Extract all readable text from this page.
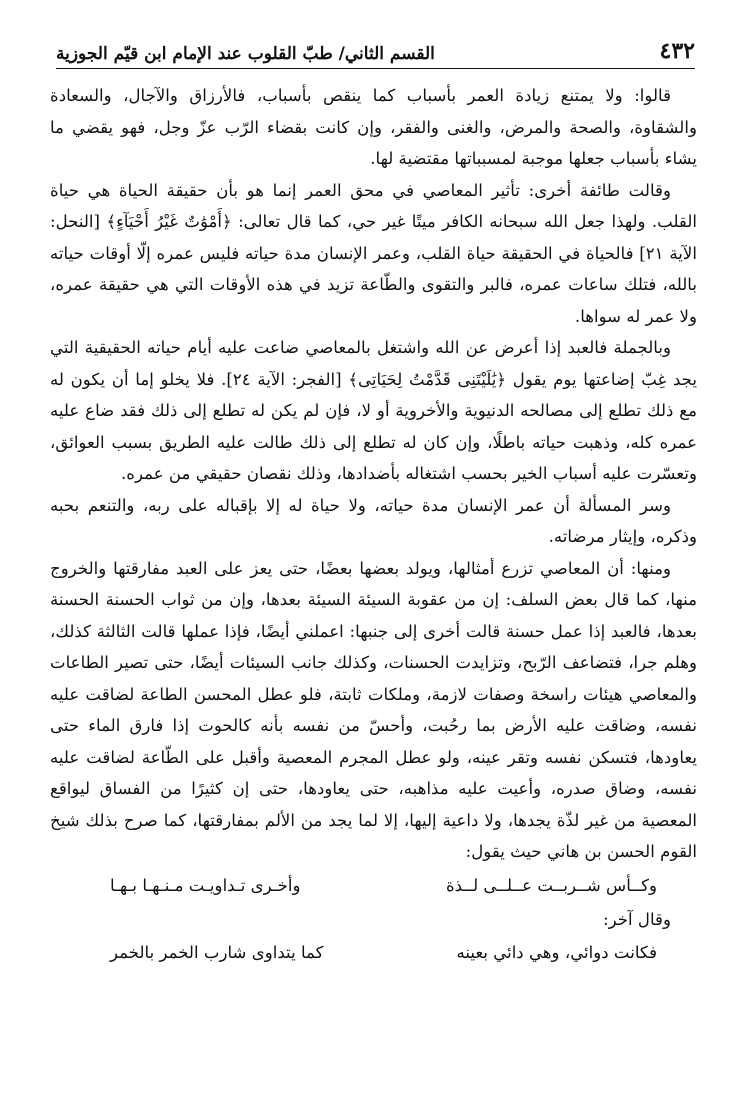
٤٣٢
القسم الثاني/ طبّ القلوب عند الإمام ابن قيّم الجوزية

قالوا: ولا يمتنع زيادة العمر بأسباب كما ينقص بأسباب، فالأرزاق والآجال، والسعادة والشقاوة، والصحة والمرض، والغنى والفقر، وإن كانت بقضاء الرّب عزّ وجل، فهو يقضي ما يشاء بأسباب جعلها موجبة لمسبباتها مقتضية لها.

وقالت طائفة أخرى: تأثير المعاصي في محق العمر إنما هو بأن حقيقة الحياة هي حياة القلب. ولهذا جعل الله سبحانه الكافر ميتًا غير حي، كما قال تعالى: ﴿أَمْوَٰتٌ غَيْرُ أَحْيَآءٍ﴾ [النحل: الآية ٢١] فالحياة في الحقيقة حياة القلب، وعمر الإنسان مدة حياته فليس عمره إلّا أوقات حياته بالله، فتلك ساعات عمره، فالبر والتقوى والطّاعة تزيد في هذه الأوقات التي هي حقيقة عمره، ولا عمر له سواها.

وبالجملة فالعبد إذا أعرض عن الله واشتغل بالمعاصي ضاعت عليه أيام حياته الحقيقية التي يجد غِبّ إضاعتها يوم يقول ﴿يَٰلَيْتَنِى قَدَّمْتُ لِحَيَاتِى﴾ [الفجر: الآية ٢٤]. فلا يخلو إما أن يكون له مع ذلك تطلع إلى مصالحه الدنيوية والأخروية أو لا، فإن لم يكن له تطلع إلى ذلك فقد ضاع عليه عمره كله، وذهبت حياته باطلًا، وإن كان له تطلع إلى ذلك طالت عليه الطريق بسبب العوائق، وتعسّرت عليه أسباب الخير بحسب اشتغاله بأضدادها، وذلك نقصان حقيقي من عمره.

وسر المسألة أن عمر الإنسان مدة حياته، ولا حياة له إلا بإقباله على ربه، والتنعم بحبه وذكره، وإيثار مرضاته.

ومنها: أن المعاصي تزرع أمثالها، ويولد بعضها بعضًا، حتى يعز على العبد مفارقتها والخروج منها، كما قال بعض السلف: إن من عقوبة السيئة السيئة بعدها، وإن من ثواب الحسنة الحسنة بعدها، فالعبد إذا عمل حسنة قالت أخرى إلى جنبها: اعملني أيضًا، فإذا عملها قالت الثالثة كذلك، وهلم جرا، فتضاعف الرّبح، وتزايدت الحسنات، وكذلك جانب السيئات أيضًا، حتى تصير الطاعات والمعاصي هيئات راسخة وصفات لازمة، وملكات ثابتة، فلو عطل المحسن الطاعة لضاقت عليه نفسه، وضاقت عليه الأرض بما رحُبت، وأحسّ من نفسه بأنه كالحوت إذا فارق الماء حتى يعاودها، فتسكن نفسه وتقر عينه، ولو عطل المجرم المعصية وأقبل على الطّاعة لضاقت عليه نفسه، وضاق صدره، وأعيت عليه مذاهبه، حتى يعاودها، حتى إن كثيرًا من الفساق ليواقع المعصية من غير لذّة يجدها، ولا داعية إليها، إلا لما يجد من الألم بمفارقتها، كما صرح بذلك شيخ القوم الحسن بن هاني حيث يقول:

وكــأس شــربــت عــلــى لــذة
وأخـرى تـداويـت مـنـهـا بـهـا

وقال آخر:

فكانت دوائي، وهي دائي بعينه
كما يتداوى شارب الخمر بالخمر
